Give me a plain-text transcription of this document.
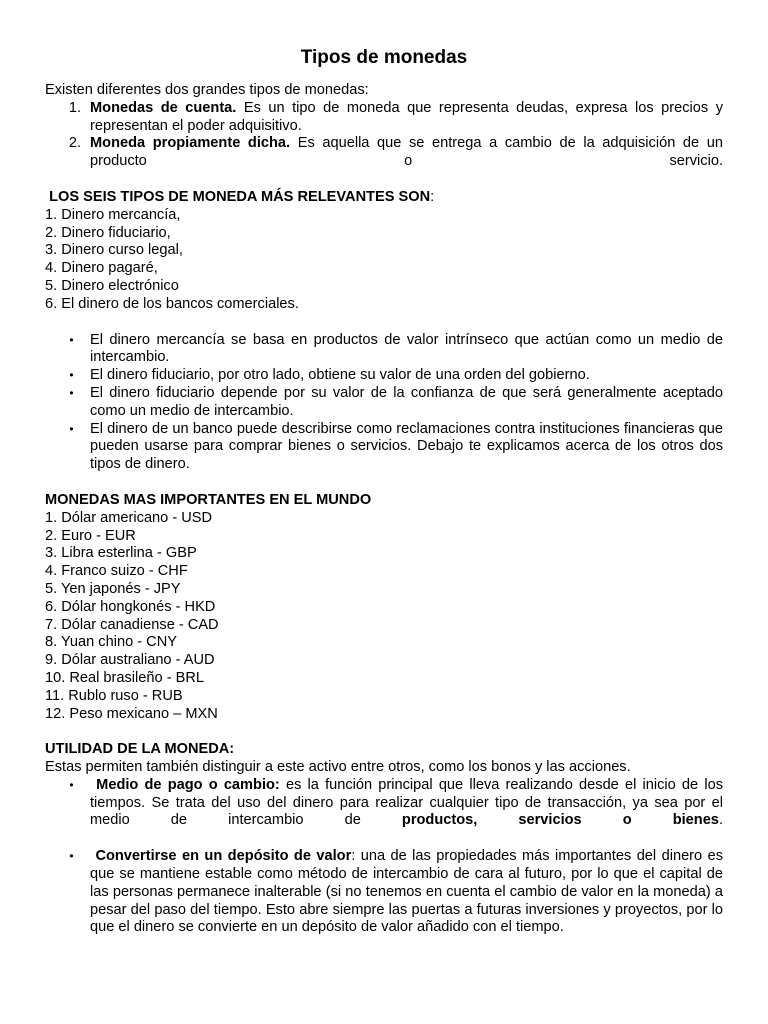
Tipos de monedas

Existen diferentes dos grandes tipos de monedas:

1. Monedas de cuenta. Es un tipo de moneda que representa deudas, expresa los precios y representan el poder adquisitivo.
2. Moneda propiamente dicha. Es aquella que se entrega a cambio de la adquisición de un producto o servicio.

LOS SEIS TIPOS DE MONEDA MÁS RELEVANTES SON:

1. Dinero mercancía,

2. Dinero fiduciario,

3. Dinero curso legal,

4. Dinero pagaré,

5. Dinero electrónico

6. El dinero de los bancos comerciales.

•	El dinero mercancía se basa en productos de valor intrínseco que actúan como un medio de intercambio.
•	El dinero fiduciario, por otro lado, obtiene su valor de una orden del gobierno.
•	El dinero fiduciario depende por su valor de la confianza de que será generalmente aceptado como un medio de intercambio.
•	El dinero de un banco puede describirse como reclamaciones contra instituciones financieras que pueden usarse para comprar bienes o servicios. Debajo te explicamos acerca de los otros dos tipos de dinero.

MONEDAS MAS IMPORTANTES EN EL MUNDO

1. Dólar americano - USD

2. Euro - EUR

3. Libra esterlina - GBP

4. Franco suizo - CHF

5. Yen japonés - JPY

6. Dólar hongkonés - HKD

7. Dólar canadiense - CAD

8. Yuan chino - CNY

9. Dólar australiano - AUD

10. Real brasileño - BRL

11. Rublo ruso - RUB

12. Peso mexicano – MXN

UTILIDAD DE LA MONEDA:

Estas permiten también distinguir a este activo entre otros, como los bonos y las acciones.

•	Medio de pago o cambio: es la función principal que lleva realizando desde el inicio de los tiempos. Se trata del uso del dinero para realizar cualquier tipo de transacción, ya sea por el medio de intercambio de productos, servicios o bienes.
•	Convertirse en un depósito de valor: una de las propiedades más importantes del dinero es que se mantiene estable como método de intercambio de cara al futuro, por lo que el capital de las personas permanece inalterable (si no tenemos en cuenta el cambio de valor en la moneda) a pesar del paso del tiempo. Esto abre siempre las puertas a futuras inversiones y proyectos, por lo que el dinero se convierte en un depósito de valor añadido con el tiempo.
